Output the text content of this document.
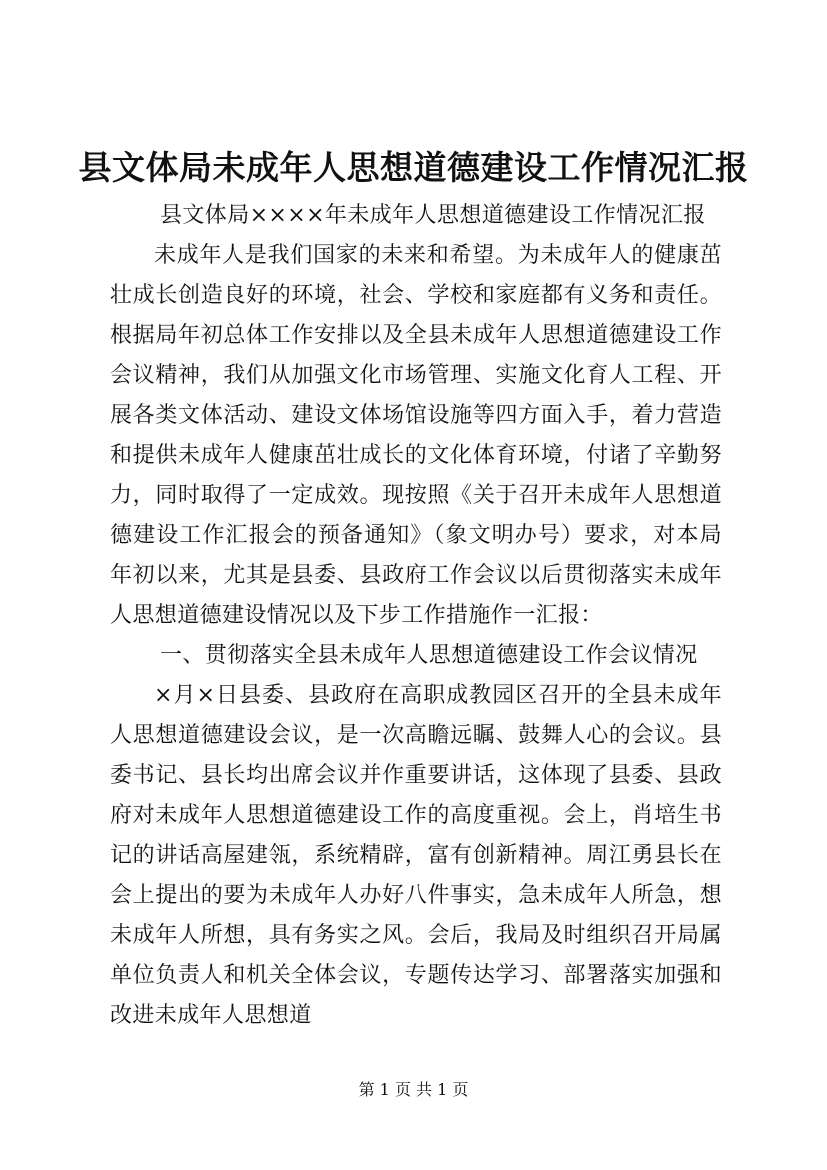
县文体局未成年人思想道德建设工作情况汇报

县文体局××××年未成年人思想道德建设工作情况汇报

未成年人是我们国家的未来和希望。为未成年人的健康茁壮成长创造良好的环境，社会、学校和家庭都有义务和责任。根据局年初总体工作安排以及全县未成年人思想道德建设工作会议精神，我们从加强文化市场管理、实施文化育人工程、开展各类文体活动、建设文体场馆设施等四方面入手，着力营造和提供未成年人健康茁壮成长的文化体育环境，付诸了辛勤努力，同时取得了一定成效。现按照《关于召开未成年人思想道德建设工作汇报会的预备通知》（象文明办号）要求，对本局年初以来，尤其是县委、县政府工作会议以后贯彻落实未成年人思想道德建设情况以及下步工作措施作一汇报：

一、贯彻落实全县未成年人思想道德建设工作会议情况

×月×日县委、县政府在高职成教园区召开的全县未成年人思想道德建设会议，是一次高瞻远瞩、鼓舞人心的会议。县委书记、县长均出席会议并作重要讲话，这体现了县委、县政府对未成年人思想道德建设工作的高度重视。会上，肖培生书记的讲话高屋建瓴，系统精辟，富有创新精神。周江勇县长在会上提出的要为未成年人办好八件事实，急未成年人所急，想未成年人所想，具有务实之风。会后，我局及时组织召开局属单位负责人和机关全体会议，专题传达学习、部署落实加强和改进未成年人思想道

第 1 页 共 1 页
